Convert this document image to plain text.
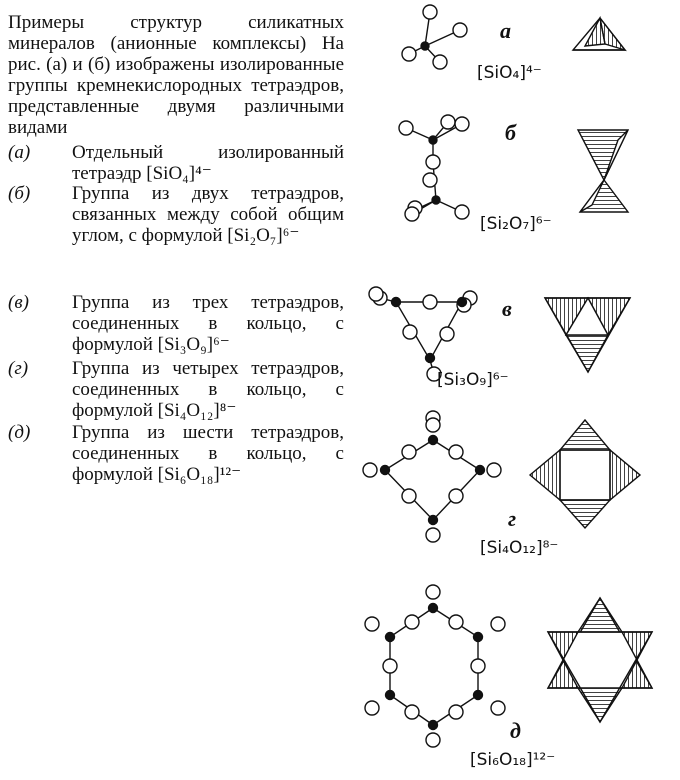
Примеры структур силикатных минералов (анионные комплексы) На рис. (а) и (б) изображены изолированные группы кремнекислородных тетраэдров, представленные двумя различными видами
(а) Отдельный изолированный тетраэдр [SiO₄]⁴⁻
(б) Группа из двух тетраэдров, связанных между собой общим углом, с формулой [Si₂O₇]⁶⁻
(в) Группа из трех тетраэдров, соединенных в кольцо, с формулой [Si₃O₉]⁶⁻
(г) Группа из четырех тетраэдров, соединенных в кольцо, с формулой [Si₄O₁₂]⁸⁻
(д) Группа из шести тетраэдров, соединенных в кольцо, с формулой [Si₆O₁₈]¹²⁻
а
б
в
г
д
[SiO₄]⁴⁻
[Si₂O₇]⁶⁻
[Si₃O₉]⁶⁻
[Si₄O₁₂]⁸⁻
[Si₆O₁₈]¹²⁻
